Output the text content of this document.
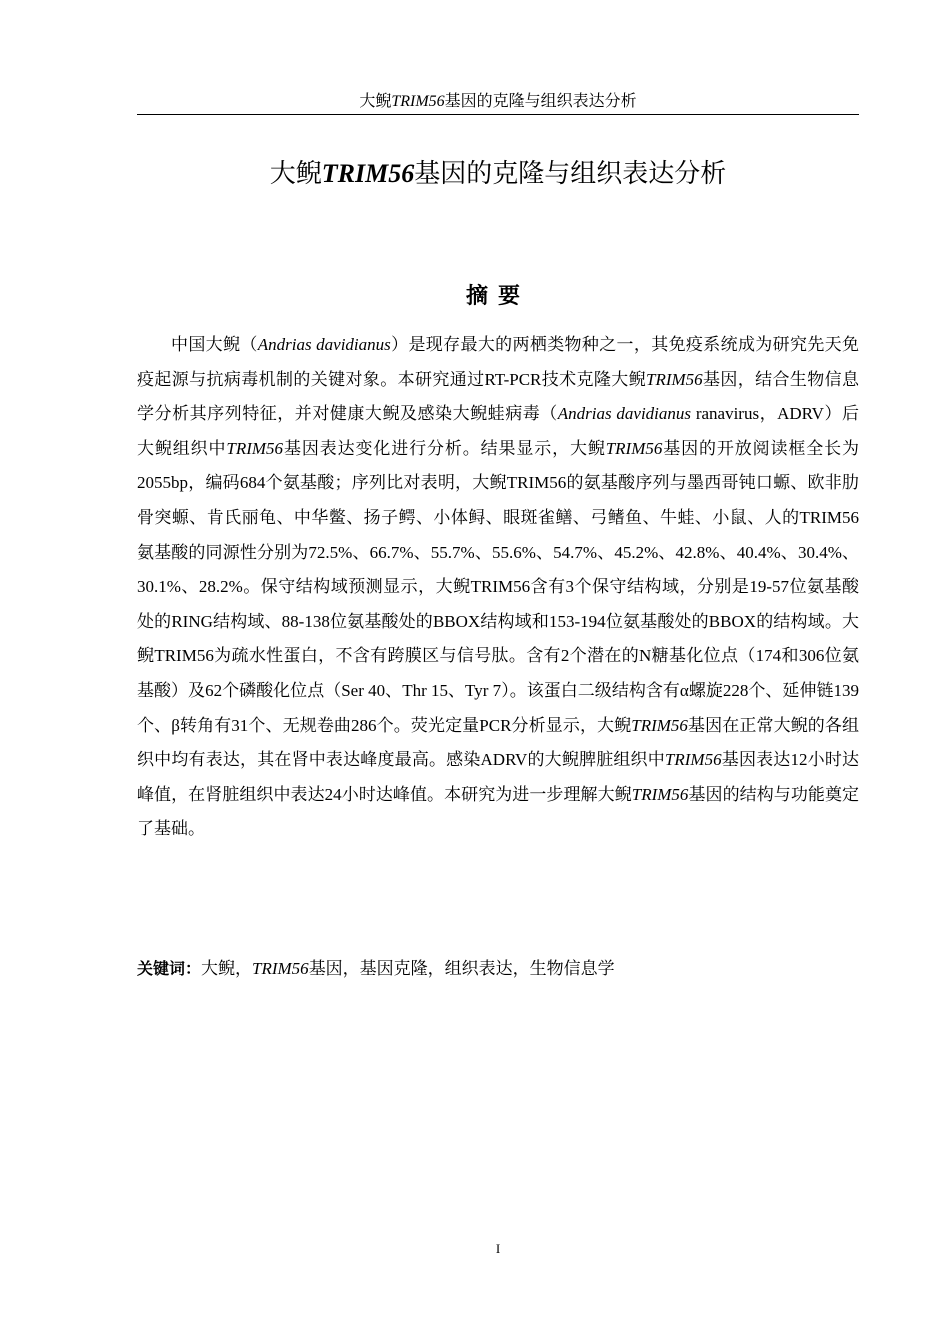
大鲵TRIM56基因的克隆与组织表达分析
大鲵TRIM56基因的克隆与组织表达分析
摘要

中国大鲵（Andrias davidianus）是现存最大的两栖类物种之一，其免疫系统成为研究先天免疫起源与抗病毒机制的关键对象。本研究通过RT-PCR技术克隆大鲵TRIM56基因，结合生物信息学分析其序列特征，并对健康大鲵及感染大鲵蛙病毒（Andrias davidianus ranavirus，ADRV）后大鲵组织中TRIM56基因表达变化进行分析。结果显示，大鲵TRIM56基因的开放阅读框全长为2055bp，编码684个氨基酸；序列比对表明，大鲵TRIM56的氨基酸序列与墨西哥钝口螈、欧非肋骨突螈、肯氏丽龟、中华鳖、扬子鳄、小体鲟、眼斑雀鳝、弓鳍鱼、牛蛙、小鼠、人的TRIM56氨基酸的同源性分别为72.5%、66.7%、55.7%、55.6%、54.7%、45.2%、42.8%、40.4%、30.4%、30.1%、28.2%。保守结构域预测显示，大鲵TRIM56含有3个保守结构域，分别是19-57位氨基酸处的RING结构域、88-138位氨基酸处的BBOX结构域和153-194位氨基酸处的BBOX的结构域。大鲵TRIM56为疏水性蛋白，不含有跨膜区与信号肽。含有2个潜在的N糖基化位点（174和306位氨基酸）及62个磷酸化位点（Ser 40、Thr 15、Tyr 7）。该蛋白二级结构含有α螺旋228个、延伸链139个、β转角有31个、无规卷曲286个。荧光定量PCR分析显示，大鲵TRIM56基因在正常大鲵的各组织中均有表达，其在肾中表达峰度最高。感染ADRV的大鲵脾脏组织中TRIM56基因表达12小时达峰值，在肾脏组织中表达24小时达峰值。本研究为进一步理解大鲵TRIM56基因的结构与功能奠定了基础。

关键词：大鲵，TRIM56基因，基因克隆，组织表达，生物信息学
I
